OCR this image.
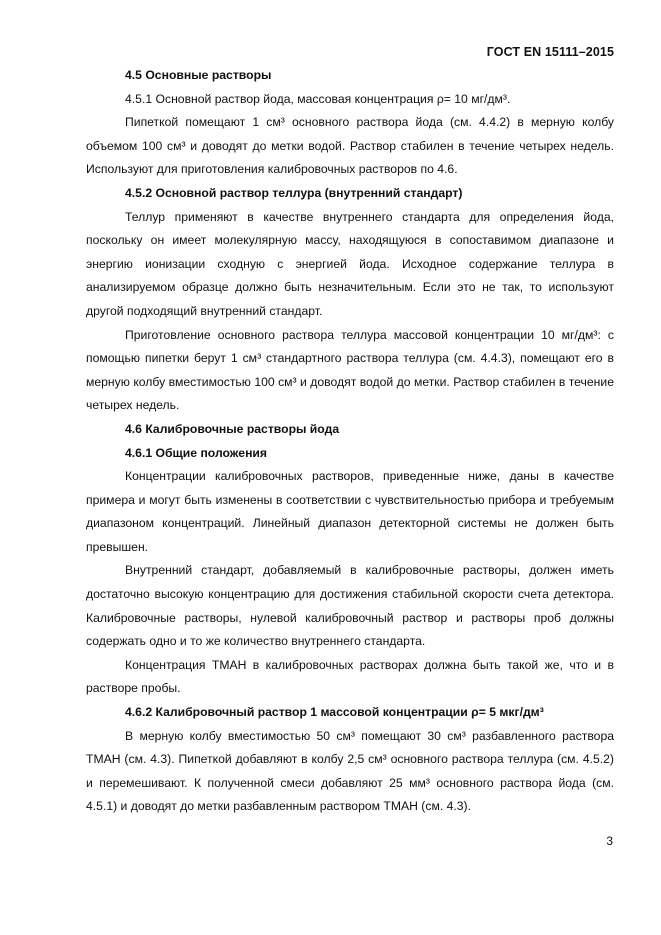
ГОСТ EN 15111–2015

4.5 Основные растворы

4.5.1 Основной раствор йода, массовая концентрация ρ= 10 мг/дм³.

Пипеткой помещают 1 см³ основного раствора йода (см. 4.4.2) в мерную колбу объемом 100 см³ и доводят до метки водой. Раствор стабилен в течение четырех недель. Используют для приготовления калибровочных растворов по 4.6.

4.5.2 Основной раствор теллура (внутренний стандарт)

Теллур применяют в качестве внутреннего стандарта для определения йода, поскольку он имеет молекулярную массу, находящуюся в сопоставимом диапазоне и энергию ионизации сходную с энергией йода. Исходное содержание теллура в анализируемом образце должно быть незначительным. Если это не так, то используют другой подходящий внутренний стандарт.

Приготовление основного раствора теллура массовой концентрации 10 мг/дм³: с помощью пипетки берут 1 см³ стандартного раствора теллура (см. 4.4.3), помещают его в мерную колбу вместимостью 100 см³ и доводят водой до метки. Раствор стабилен в течение четырех недель.

4.6 Калибровочные растворы йода

4.6.1 Общие положения

Концентрации калибровочных растворов, приведенные ниже, даны в качестве примера и могут быть изменены в соответствии с чувствительностью прибора и требуемым диапазоном концентраций. Линейный диапазон детекторной системы не должен быть превышен.

Внутренний стандарт, добавляемый в калибровочные растворы, должен иметь достаточно высокую концентрацию для достижения стабильной скорости счета детектора. Калибровочные растворы, нулевой калибровочный раствор и растворы проб должны содержать одно и то же количество внутреннего стандарта.

Концентрация ТМАН в калибровочных растворах должна быть такой же, что и в растворе пробы.

4.6.2 Калибровочный раствор 1 массовой концентрации ρ= 5 мкг/дм³

В мерную колбу вместимостью 50 см³ помещают 30 см³ разбавленного раствора ТМАН (см. 4.3). Пипеткой добавляют в колбу 2,5 см³ основного раствора теллура (см. 4.5.2) и перемешивают. К полученной смеси добавляют 25 мм³ основного раствора йода (см. 4.5.1) и доводят до метки разбавленным раствором ТМАН (см. 4.3).

3
